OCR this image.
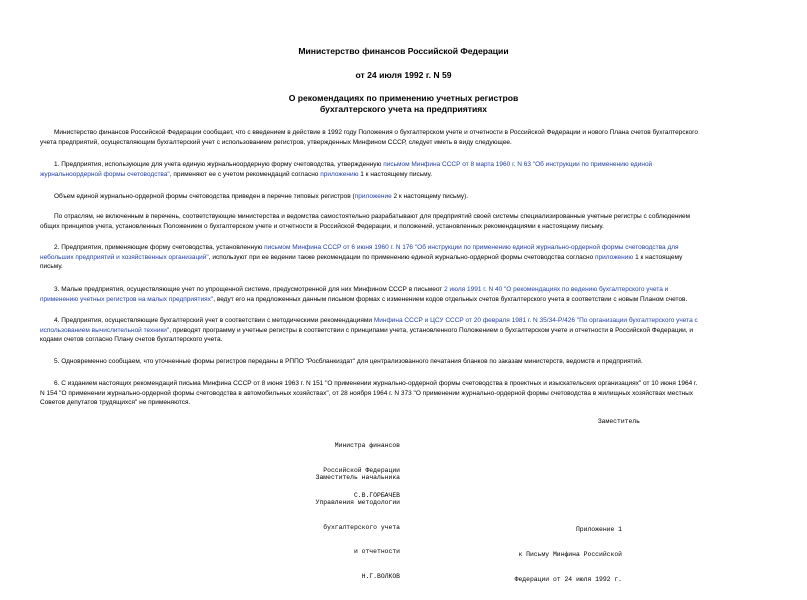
Министерство финансов Российской Федерации
от 24 июля 1992 г. N 59
О рекомендациях по применению учетных регистров
бухгалтерского учета на предприятиях
Министерство финансов Российской Федерации сообщает, что с введением в действие в 1992 году Положения о бухгалтерском учете и отчетности в Российской Федерации и нового Плана счетов бухгалтерского
учета предприятий, осуществляющим бухгалтерский учет с использованием регистров, утвержденных Минфином СССР, следует иметь в виду следующее.
1. Предприятия, использующие для учета единую журнальноордерную форму счетоводства, утвержденную письмом Минфина СССР от 8 марта 1960 г. N 63 "Об инструкции по применению единой
журнальноордерной формы счетоводства", применяют ее с учетом рекомендаций согласно приложению 1 к настоящему письму.
Объем единой журнально-ордерной формы счетоводства приведен в перечне типовых регистров (приложение 2 к настоящему письму).
По отраслям, не включенным в перечень, соответствующие министерства и ведомства самостоятельно разрабатывают для предприятий своей системы специализированные учетные регистры с соблюдением
общих принципов учета, установленных Положением о бухгалтерском учете и отчетности в Российской Федерации, и положений, установленных рекомендациями к настоящему письму.
2. Предприятия, применяющие форму счетоводства, установленную письмом Минфина СССР от 6 июня 1960 г. N 176 "Об инструкции по применению единой журнально-ордерной формы счетоводства для
небольших предприятий и хозяйственных организаций", используют при ее ведении также рекомендации по применению единой журнально-ордерной формы счетоводства согласно приложению 1 к настоящему
письму.
3. Малые предприятия, осуществляющие учет по упрощенной системе, предусмотренной для них Минфином СССР в письмеот 2 июля 1991 г. N 40 "О рекомендациях по ведению бухгалтерского учета и
применению учетных регистров на малых предприятиях", ведут его на предложенных данным письмом формах с изменением кодов отдельных счетов бухгалтерского учета в соответствии с новым Планом счетов.
4. Предприятия, осуществляющие бухгалтерский учет в соответствии с методическими рекомендациями Минфина СССР и ЦСУ СССР от 20 февраля 1981 г. N 35/34-Р/426 "По организации бухгалтерского учета с
использованием вычислительной техники", приводят программу и учетные регистры в соответствии с принципами учета, установленного Положением о бухгалтерском учете и отчетности в Российской Федерации, и
кодами счетов согласно Плану счетов бухгалтерского учета.
5. Одновременно сообщаем, что уточненные формы регистров переданы в РППО "Росбланкиздат" для централизованного печатания бланков по заказам министерств, ведомств и предприятий.
6. С изданием настоящих рекомендаций письма Минфина СССР от 8 июня 1963 г. N 151 "О применении журнально-ордерной формы счетоводства в проектных и изыскательских организациях" от 10 июня 1964 г.
N 154 "О применении журнально-ордерной формы счетоводства в автомобильных хозяйствах", от 28 ноября 1964 г. N 373 "О применении журнально-ордерной формы счетоводства в жилищных хозяйствах местных
Советов депутатов трудящихся" не применяются.
Заместитель

Министра финансов

Российской Федерации

С.В.ГОРБАЧЕВ

Заместитель начальника

Управления методологии

бухгалтерского учета

и отчетности

Н.Г.ВОЛКОВ

Приложение 1

к Письму Минфина Российской

Федерации от 24 июля 1992 г.
